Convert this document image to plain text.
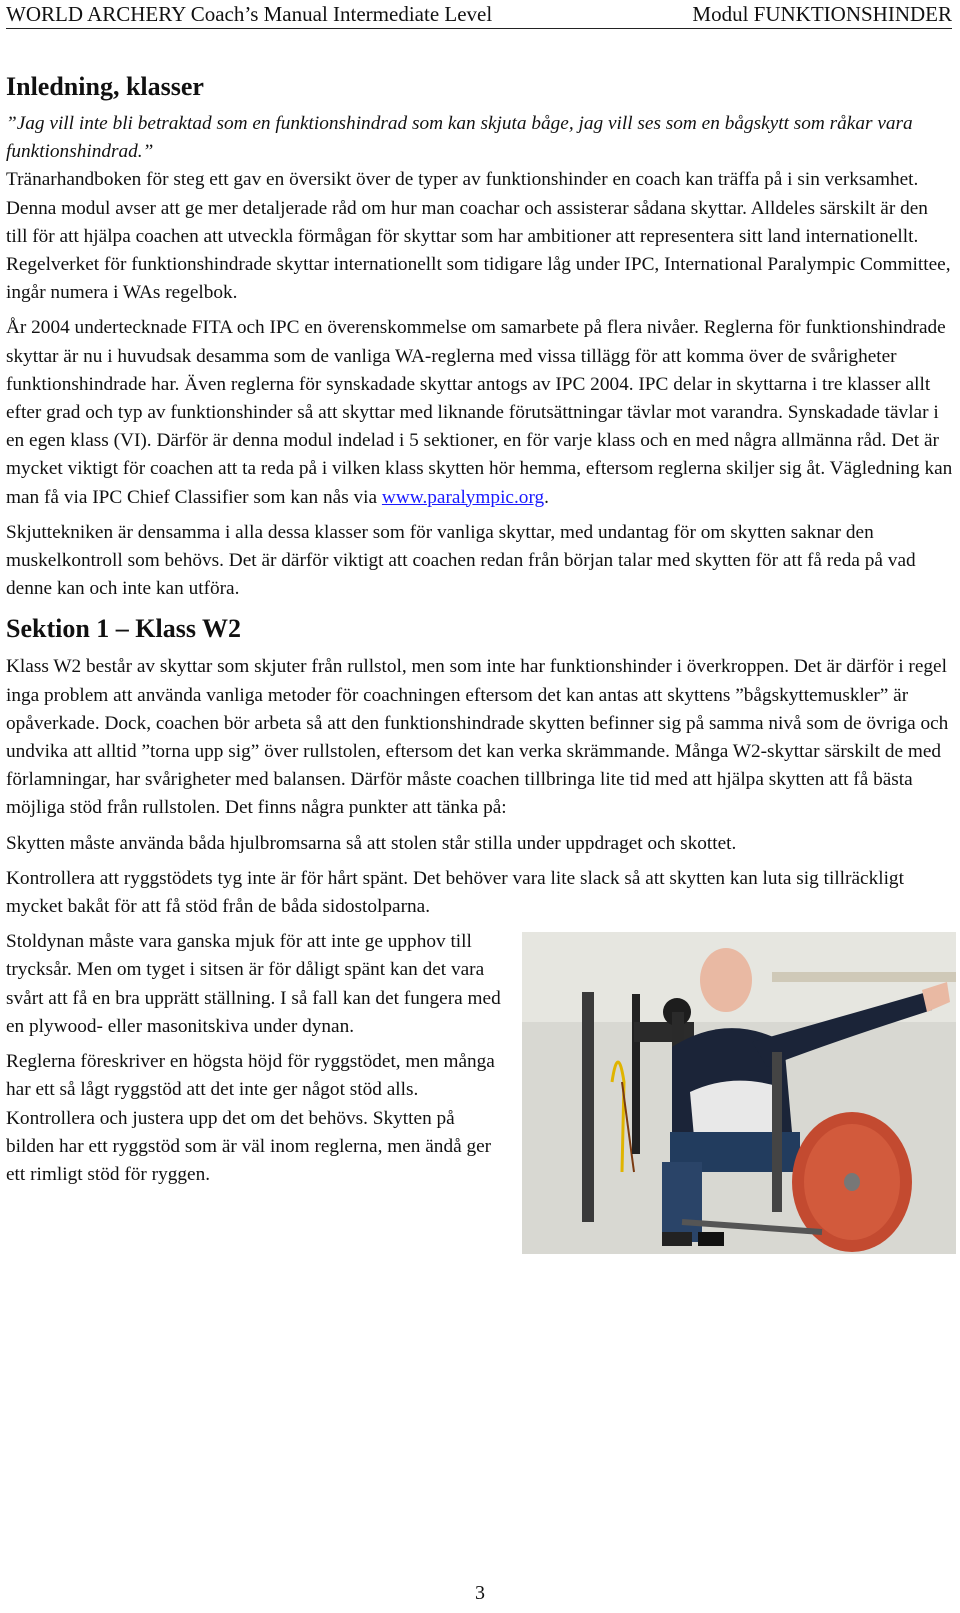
WORLD ARCHERY Coach’s Manual Intermediate Level	Modul FUNKTIONSHINDER
Inledning, klasser

”Jag vill inte bli betraktad som en funktionshindrad som kan skjuta båge, jag vill ses som en bågskytt som råkar vara funktionshindrad.”

Tränarhandboken för steg ett gav en översikt över de typer av funktionshinder en coach kan träffa på i sin verksamhet. Denna modul avser att ge mer detaljerade råd om hur man coachar och assisterar sådana skyttar. Alldeles särskilt är den till för att hjälpa coachen att utveckla förmågan för skyttar som har ambitioner att representera sitt land internationellt. Regelverket för funktionshindrade skyttar internationellt som tidigare låg under IPC, International Paralympic Committee, ingår numera i WAs regelbok.

År 2004 undertecknade FITA och IPC en överenskommelse om samarbete på flera nivåer. Reglerna för funktionshindrade skyttar är nu i huvudsak desamma som de vanliga WA-reglerna med vissa tillägg för att komma över de svårigheter funktionshindrade har. Även reglerna för synskadade skyttar antogs av IPC 2004. IPC delar in skyttarna i tre klasser allt efter grad och typ av funktionshinder så att skyttar med liknande förutsättningar tävlar mot varandra. Synskadade tävlar i en egen klass (VI). Därför är denna modul indelad i 5 sektioner, en för varje klass och en med några allmänna råd. Det är mycket viktigt för coachen att ta reda på i vilken klass skytten hör hemma, eftersom reglerna skiljer sig åt. Vägledning kan man få via IPC Chief Classifier som kan nås via www.paralympic.org.

Skjuttekniken är densamma i alla dessa klasser som för vanliga skyttar, med undantag för om skytten saknar den muskelkontroll som behövs. Det är därför viktigt att coachen redan från början talar med skytten för att få reda på vad denne kan och inte kan utföra.

Sektion 1 – Klass W2

Klass W2 består av skyttar som skjuter från rullstol, men som inte har funktionshinder i överkroppen. Det är därför i regel inga problem att använda vanliga metoder för coachningen eftersom det kan antas att skyttens ”bågskyttemuskler” är opåverkade. Dock, coachen bör arbeta så att den funktionshindrade skytten befinner sig på samma nivå som de övriga och undvika att alltid ”torna upp sig” över rullstolen, eftersom det kan verka skrämmande. Många W2-skyttar särskilt de med förlamningar, har svårigheter med balansen. Därför måste coachen tillbringa lite tid med att hjälpa skytten att få bästa möjliga stöd från rullstolen. Det finns några punkter att tänka på:

Skytten måste använda båda hjulbromsarna så att stolen står stilla under uppdraget och skottet.

Kontrollera att ryggstödets tyg inte är för hårt spänt. Det behöver vara lite slack så att skytten kan luta sig tillräckligt mycket bakåt för att få stöd från de båda sidostolparna.

Stoldynan måste vara ganska mjuk för att inte ge upphov till trycksår. Men om tyget i sitsen är för dåligt spänt kan det vara svårt att få en bra upprätt ställning. I så fall kan det fungera med en plywood- eller masonitskiva under dynan.

Reglerna föreskriver en högsta höjd för ryggstödet, men många har ett så lågt ryggstöd att det inte ger något stöd alls. Kontrollera och justera upp det om det behövs. Skytten på bilden har ett ryggstöd som är väl inom reglerna, men ändå ger ett rimligt stöd för ryggen.

3
